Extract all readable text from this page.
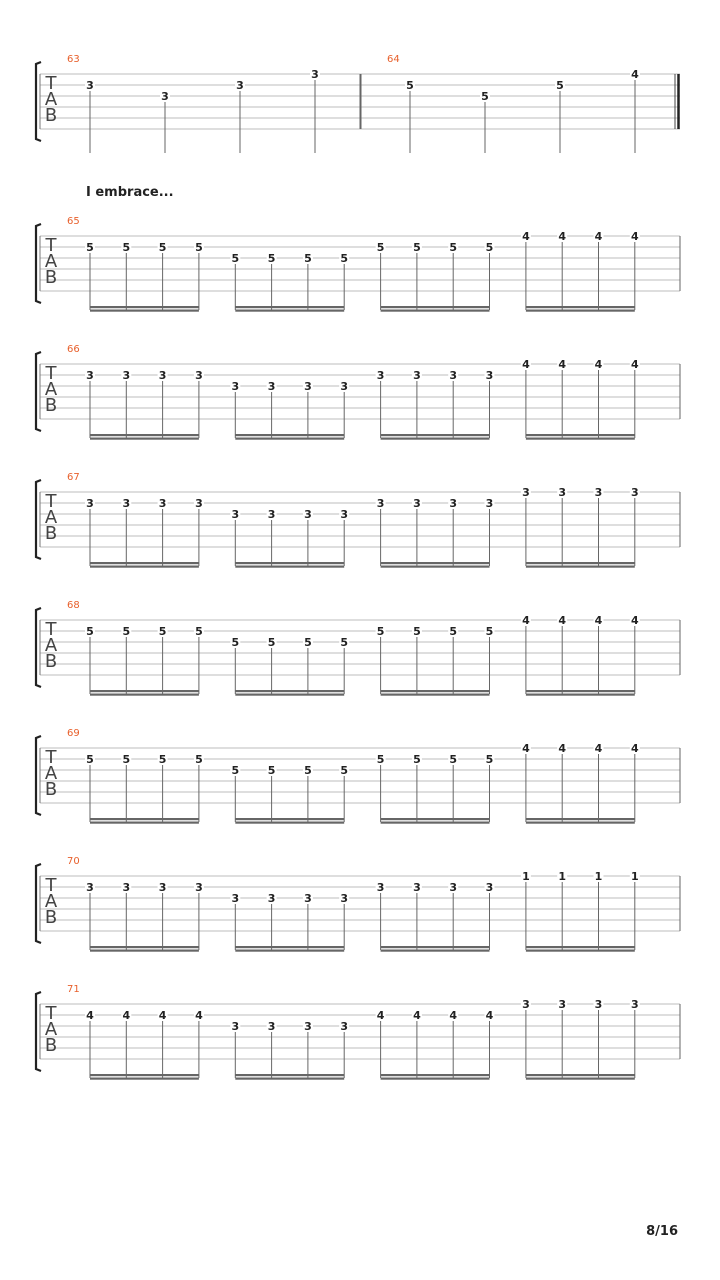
8/16
T
A
B
63
3
3
3
3
64
5
5
5
4
T
A
B
I embrace...
65
5	5	5	5
5	5	5	5
5	5	5	5
4	4	4	4
T
A
B
66
3	3	3	3
3	3	3	3
3	3	3	3
4	4	4	4
T
A
B
67
3	3	3	3
3	3	3	3
3	3	3	3
3	3	3	3
T
A
B
68
5	5	5	5
5	5	5	5
5	5	5	5
4	4	4	4
T
A
B
69
5	5	5	5
5	5	5	5
5	5	5	5
4	4	4	4
T
A
B
70
3	3	3	3
3	3	3	3
3	3	3	3
1	1	1	1
T
A
B
71
4	4	4	4
3	3	3	3
4	4	4	4
3	3	3	3
